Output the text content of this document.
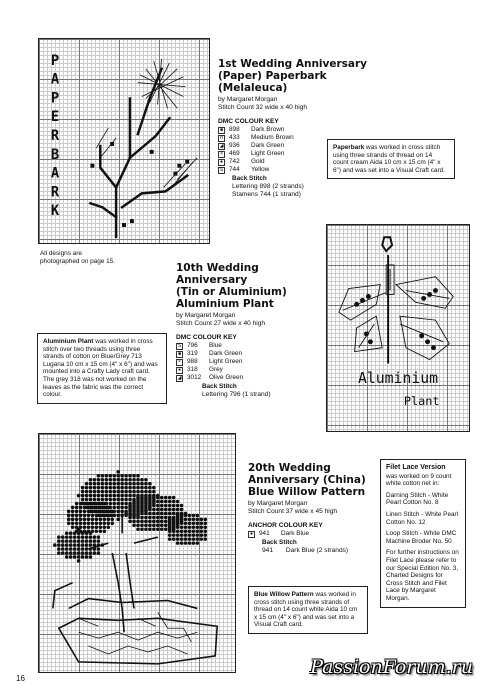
P
A
P
E
R
B
A
R
K
1st Wedding Anniversary
(Paper) Paperbark (Melaleuca)
by Margaret Morgan
Stitch Count 32 wide x 40 high
DMC COLOUR KEY
■ 898	Dark Brown
n 433	Medium Brown
◢ 936	Dark Green
× 469	Light Green
● 742	Gold
S 744	Yellow
Back Stitch
Lettering 898 (2 strands)
Stamens 744 (1 strand)
Paperbark was worked in cross stitch using three strands of thread on 14 count cream Aida 10 cm x 15 cm (4" x 6") and was set into a Visual Craft card.
All designs are photographed on page 15.
Aluminium
Plant
10th Wedding Anniversary
(Tin or Aluminium)
Aluminium Plant
by Margaret Morgan
Stitch Count 27 wide x 40 high
DMC COLOUR KEY
S 796	Blue
■ 319	Dark Green
× 988	Light Green
● 318	Grey
◢ 3012	Olive Green
Back Stitch
Lettering 796 (1 strand)
Aluminium Plant was worked in cross stitch over two threads using three strands of cotton on Blue/Grey 713 Lugana 10 cm x 15 cm (4" x 6") and was mounted into a Crafty Lady craft card. The grey 318 was not worked on the leaves as the fabric was the correct colour.
20th Wedding
Anniversary (China)
Blue Willow Pattern
by Margaret Morgan
Stitch Count 37 wide x 45 high
ANCHOR COLOUR KEY
● 941	Dark Blue
Back Stitch
941       Dark Blue (2 strands)
Blue Willow Pattern was worked in cross stitch using three strands of thread on 14 count white Aida 10 cm x 15 cm (4" x 6") and was set into a Visual Craft card.
Filet Lace Version
was worked on 9 count white cotton net in:
Darning Stitch - White Pearl Cotton No. 8
Linen Stitch - White Pearl Cotton No. 12
Loop Stitch - White DMC Machine Broder No. 50
For further instructions on Filet Lace please refer to our Special Edition No. 3, Charted Designs for Cross Stitch and Filet Lace by Margaret Morgan.
16
PassionForum.ru
